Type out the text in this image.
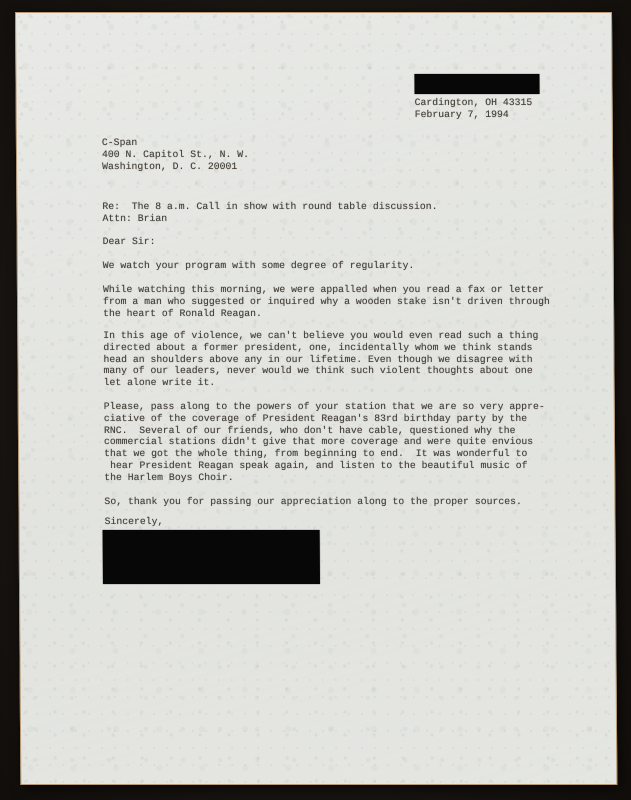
Cardington, OH 43315
February 7, 1994
C-Span
400 N. Capitol St., N. W.
Washington, D. C. 20001
Re:  The 8 a.m. Call in show with round table discussion.
Attn: Brian
Dear Sir:
We watch your program with some degree of regularity.
While watching this morning, we were appalled when you read a fax or letter
from a man who suggested or inquired why a wooden stake isn't driven through
the heart of Ronald Reagan.
In this age of violence, we can't believe you would even read such a thing
directed about a former president, one, incidentally whom we think stands
head an shoulders above any in our lifetime. Even though we disagree with
many of our leaders, never would we think such violent thoughts about one
let alone write it.
Please, pass along to the powers of your station that we are so very appre-
ciative of the coverage of President Reagan's 83rd birthday party by the
RNC.  Several of our friends, who don't have cable, questioned why the
commercial stations didn't give that more coverage and were quite envious
that we got the whole thing, from beginning to end.  It was wonderful to
hear President Reagan speak again, and listen to the beautiful music of
the Harlem Boys Choir.
So, thank you for passing our appreciation along to the proper sources.
Sincerely,
